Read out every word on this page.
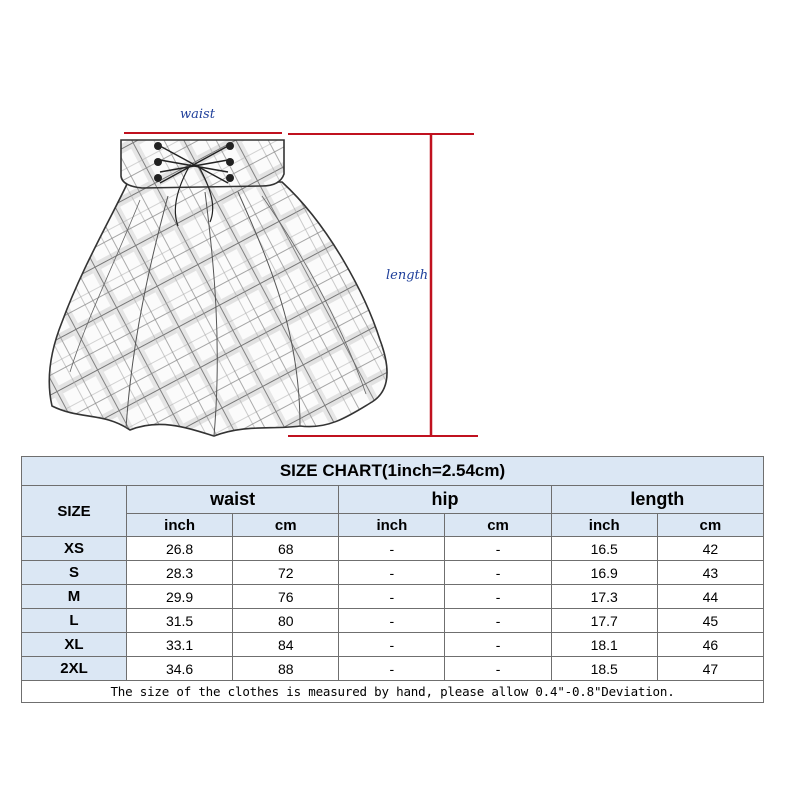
waist
length
SIZE CHART(1inch=2.54cm)						
SIZE	waist		hip		length	
	inch	cm	inch	cm	inch	cm
XS	26.8	68	-	-	16.5	42
S	28.3	72	-	-	16.9	43
M	29.9	76	-	-	17.3	44
L	31.5	80	-	-	17.7	45
XL	33.1	84	-	-	18.1	46
2XL	34.6	88	-	-	18.5	47
The size of the clothes is measured by hand, please allow 0.4"-0.8"Deviation.						
